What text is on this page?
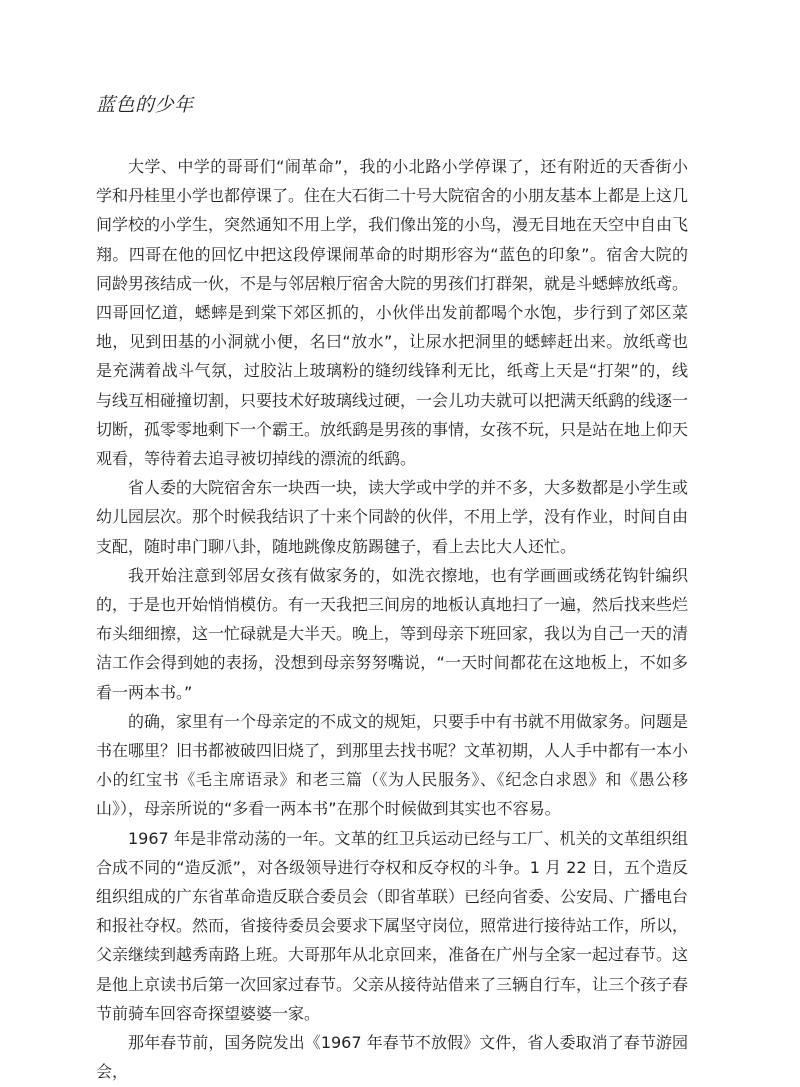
蓝色的少年

大学、中学的哥哥们“闹革命”，我的小北路小学停课了，还有附近的天香街小学和丹桂里小学也都停课了。住在大石街二十号大院宿舍的小朋友基本上都是上这几间学校的小学生，突然通知不用上学，我们像出笼的小鸟，漫无目地在天空中自由飞翔。四哥在他的回忆中把这段停课闹革命的时期形容为“蓝色的印象”。宿舍大院的同龄男孩结成一伙，不是与邻居粮厅宿舍大院的男孩们打群架，就是斗蟋蟀放纸鸢。四哥回忆道，蟋蟀是到棠下郊区抓的，小伙伴出发前都喝个水饱，步行到了郊区菜地，见到田基的小洞就小便，名曰“放水”，让尿水把洞里的蟋蟀赶出来。放纸鸢也是充满着战斗气氛，过胶沾上玻璃粉的缝纫线锋利无比，纸鸢上天是“打架”的，线与线互相碰撞切割，只要技术好玻璃线过硬，一会儿功夫就可以把满天纸鹞的线逐一切断，孤零零地剩下一个霸王。放纸鹞是男孩的事情，女孩不玩，只是站在地上仰天观看，等待着去追寻被切掉线的漂流的纸鹞。

省人委的大院宿舍东一块西一块，读大学或中学的并不多，大多数都是小学生或幼儿园层次。那个时候我结识了十来个同龄的伙伴，不用上学，没有作业，时间自由支配，随时串门聊八卦，随地跳像皮筋踢毽子，看上去比大人还忙。

我开始注意到邻居女孩有做家务的，如洗衣擦地，也有学画画或绣花钩针编织的，于是也开始悄悄模仿。有一天我把三间房的地板认真地扫了一遍，然后找来些烂布头细细擦，这一忙碌就是大半天。晚上，等到母亲下班回家，我以为自己一天的清洁工作会得到她的表扬，没想到母亲努努嘴说，“一天时间都花在这地板上，不如多看一两本书。”

的确，家里有一个母亲定的不成文的规矩，只要手中有书就不用做家务。问题是书在哪里？旧书都被破四旧烧了，到那里去找书呢？文革初期，人人手中都有一本小小的红宝书《毛主席语录》和老三篇（《为人民服务》、《纪念白求恩》和《愚公移山》），母亲所说的“多看一两本书”在那个时候做到其实也不容易。

1967 年是非常动荡的一年。文革的红卫兵运动已经与工厂、机关的文革组织组合成不同的“造反派”，对各级领导进行夺权和反夺权的斗争。1 月 22 日，五个造反组织组成的广东省革命造反联合委员会（即省革联）已经向省委、公安局、广播电台和报社夺权。然而，省接待委员会要求下属坚守岗位，照常进行接待站工作，所以，父亲继续到越秀南路上班。大哥那年从北京回来，准备在广州与全家一起过春节。这是他上京读书后第一次回家过春节。父亲从接待站借来了三辆自行车，让三个孩子春节前骑车回容奇探望婆婆一家。

那年春节前，国务院发出《1967 年春节不放假》文件，省人委取消了春节游园会，
